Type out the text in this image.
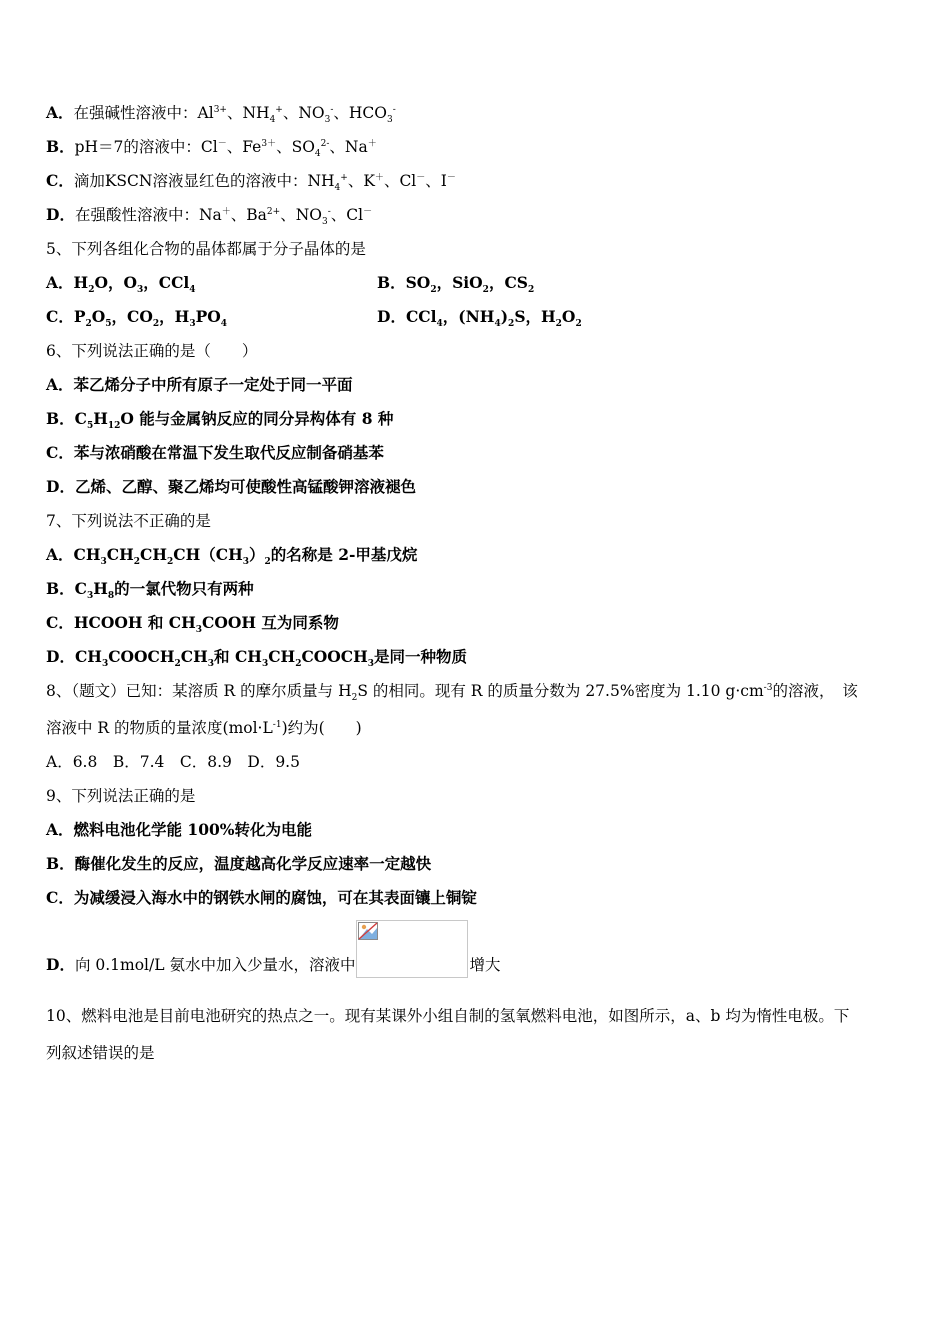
A．在强碱性溶液中：$Al^{3+}$、$NH_4^+$、$NO_3^-$、$HCO_3^-$
B．pH＝7的溶液中：Cl－、$Fe^{3+}$、$SO_4^{2-}$、Na＋
C．滴加KSCN溶液显红色的溶液中：$NH_4^+$、K＋、Cl－、I－
D．在强酸性溶液中：Na＋、$Ba^{2+}$、$NO_3^-$、Cl－
5、下列各组化合物的晶体都属于分子晶体的是
A．$H_2O$，$O_3$，CCl$_4$	B．$SO_2$，SiO$_2$，$CS_2$
C．$P_2O_5$，$CO_2$，$H_3PO_4$	D．CCl$_4$，$(NH_4)_2S$，$H_2O_2$
6、下列说法正确的是（　　）
A．苯乙烯分子中所有原子一定处于同一平面
B．$C_5H_{12}O$ 能与金属钠反应的同分异构体有 8 种
C．苯与浓硝酸在常温下发生取代反应制备硝基苯
D．乙烯、乙醇、聚乙烯均可使酸性高锰酸钾溶液褪色
7、下列说法不正确的是
A．$CH_3CH_2CH_2CH(CH_3)_2$的名称是 2-甲基戊烷
B．$C_3H_8$的一氯代物只有两种
C．HCOOH 和 $CH_3COOH$ 互为同系物
D．$CH_3COOCH_2CH_3$和 $CH_3CH_2COOCH_3$是同一种物质
8、（题文）已知：某溶质 R 的摩尔质量与 $H_2S$ 的相同。现有 R 的质量分数为 27.5%密度为 1.10 $g\cdot cm^{-3}$的溶液，　该
溶液中 R 的物质的量浓度$(mol\cdot L^{-1})$约为(　　)
A．6.8　B．7.4　C．8.9　D．9.5
9、下列说法正确的是
A．燃料电池化学能 100%转化为电能
B．酶催化发生的反应，温度越高化学反应速率一定越快
C．为减缓浸入海水中的钢铁水闸的腐蚀，可在其表面镶上铜锭
D．向 0.1mol/L 氨水中加入少量水，溶液中	增大
10、燃料电池是目前电池研究的热点之一。现有某课外小组自制的氢氧燃料电池，如图所示，a、b 均为惰性电极。下
列叙述错误的是
